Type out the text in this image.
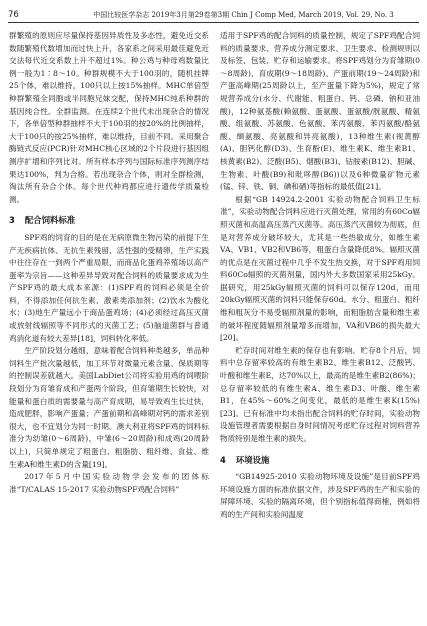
76	中国比较医学杂志 2019年3月第29卷第3期 Chin J Comp Med, March 2019, Vol. 29, No. 3

群繁殖的原则应尽量保持基因异质性及多态性，避免近交系数随繁殖代数增加而过快上升，各家系之间采用最佳避免近交法每代近交系数上升不超过1%。种公鸡与种母鸡数量比例一般为1∶8～10。种群规模不大于100羽的，随机挂牌25个体，难以维持，100只以上按15%抽样。MHC单倍型种群繁殖全同胞或半同胞兄妹交配，保持MHC纯系种群的基因纯合性。全群监测。在连续2个世代未出现杂合的情况下，各单倍型种群抽样不大于100羽的按20%的比例抽样，大于100只的按25%抽样，难以维持，目前不同。采用聚合酶链式反应(PCR)针对MHC核心区域的2个片段进行基因组测序扩增和序列比对。所有样本序列与国际标准序列测序结果达100%，判为合格。若出现杂合个体，则对全群检测，淘汰所有杂合个体。每个世代种鸡都应进行遗传学质量检测。

3 配合饲料标准

SPF鸡的饲育的目的是在无病原微生物污染的前提下生产无疾病抗体、无抗生素残留、活性强的受精卵，生产实践中往往存在一到两个严重局限，而商品化蛋鸡养殖场以高产蛋率为宗旨——这种差异导致对配合饲料的质量要求成为生产SPF鸡的最大成本来源：(1)SPF鸡的饲料必须是全价料，不得添加任何抗生素、激素类添加剂；(2)饮水为酸化水；(3)地生产量远小于商品蛋鸡场；(4)必须经过高压灭菌或放射线辐照等不同形式的灭菌工艺；(5)脑道菌群与普通鸡消化道有较大差异[18]，饲料转化率低。

生产阶段划分越细，意味着配合饲料种类越多，单品种饲料生产批次量越低，加工环节对微量元素含量、保质期等的控制误差就越大。美国LabDiet公司将实验用鸡的饲喂阶段划分为育雏育成和产蛋两个阶段，但育雏期生长较快，对能量和蛋白质的需要量与高产育成期，易导致鸡生长过快，造成肥胖，影响产蛋量；产蛋前期和高峰期对钙的需求差别很大，也不宜划分为同一时期。澳大利亚将SPF鸡的饲料标准分为幼雏(0～6周龄)、中雏(6～20周龄)和成鸡(20周龄以上)，只简单规定了粗蛋白、粗脂肪、粗纤维、食盐、维生素A和维生素D的含量[19]。

2017年5月中国实验动物学会发布的团体标准“T/CALAS 15-2017 实验动物SPF鸡配合饲料”

适用于SPF鸡的配合饲料的质量控制，规定了SPF鸡配合饲料的质量要求、营养成分测定要求、卫生要求、检测规则以及标签、包装、贮存和运输要求。将SPF鸡划分为育雏期(0～8周龄)、育成期(9～18周龄)、产蛋前期(19～24周龄)和产蛋高峰期(25周龄以上，至产蛋量下降为5%)，规定了常规营养成分(水分、代谢能、粗蛋白、钙、总磷、钠和亚油酸)，12种氨基酸(赖氨酸、蛋氨酸、蛋氨酸/胱氨酸、精氨酸、组氨酸、苏氨酸、色氨酸、苯丙氨酸、苯丙氨酸/酪氨酸、缬氨酸、亮氨酸和异亮氨酸)，13种维生素(视黄醇(A)、胆钙化醇(D3)、生育酚(E)、维生素K、维生素B1、核黄素(B2)、泛酸(B5)、烟酸(B3)、钴胺素(B12)、胆碱、生物素、叶酸(B9)和吡哆醇(B6))以及6种微量矿物元素(锰、锌、铁、铜、碘和硒)等指标的最低值[21]。

根据“GB 14924.2-2001 实验动物配合饲料卫生标准”，实验动物配合饲料应进行灭菌处理，常用的有60Co辐照灭菌和高温高压蒸汽灭菌等。高压蒸汽灭菌较为彻底，但是对营养成分破坏较大，尤其是一些热敏成分，如维生素VA、VB1、VB2和VB6等，粗蛋白含量降低8%。辐照灭菌的优点是在灭菌过程中几乎不发生热交换，对于SPF鸡用饲料60Co辐照的灭菌剂量，国内外大多数国家采用25kGy。据研究，用25kGy辐照灭菌的饲料可以保存120d，而用20kGy辐照灭菌的饲料只能保存60d。水分、粗蛋白、粗纤维和粗灰分不易受辐照剂量的影响，而粗脂肪含量和维生素的破坏程度随辐照剂量增多而增加，VA和VB6的损失最大[20]。

贮存时间对维生素的保存也有影响。贮存8个月后，饲料中总存留率较高的有维生素B2、维生素B12、泛酸钙、叶酸和维生素E，达70%以上，最高的是维生素B2(86%)；总存留率较低的有维生素A、维生素D3、叶酸、维生素B1，在45%～60%之间变化，最低的是维生素K(15%)[23]。已有标准中均未指出配合饲料的贮存时间，实验动物设施管理者需要根据自身时间情况考虑贮存过程对饲料营养物质特别是维生素的损失。

4 环境设施

“GB14925-2010 实验动物环境及设施”是目前SPF鸡环境设施方面的标准依据文件，涉及SPF鸡的生产和实验的屏障环境、实验的隔离环境，但个别指标值得商榷，例如将鸡的生产间和实验间温度
